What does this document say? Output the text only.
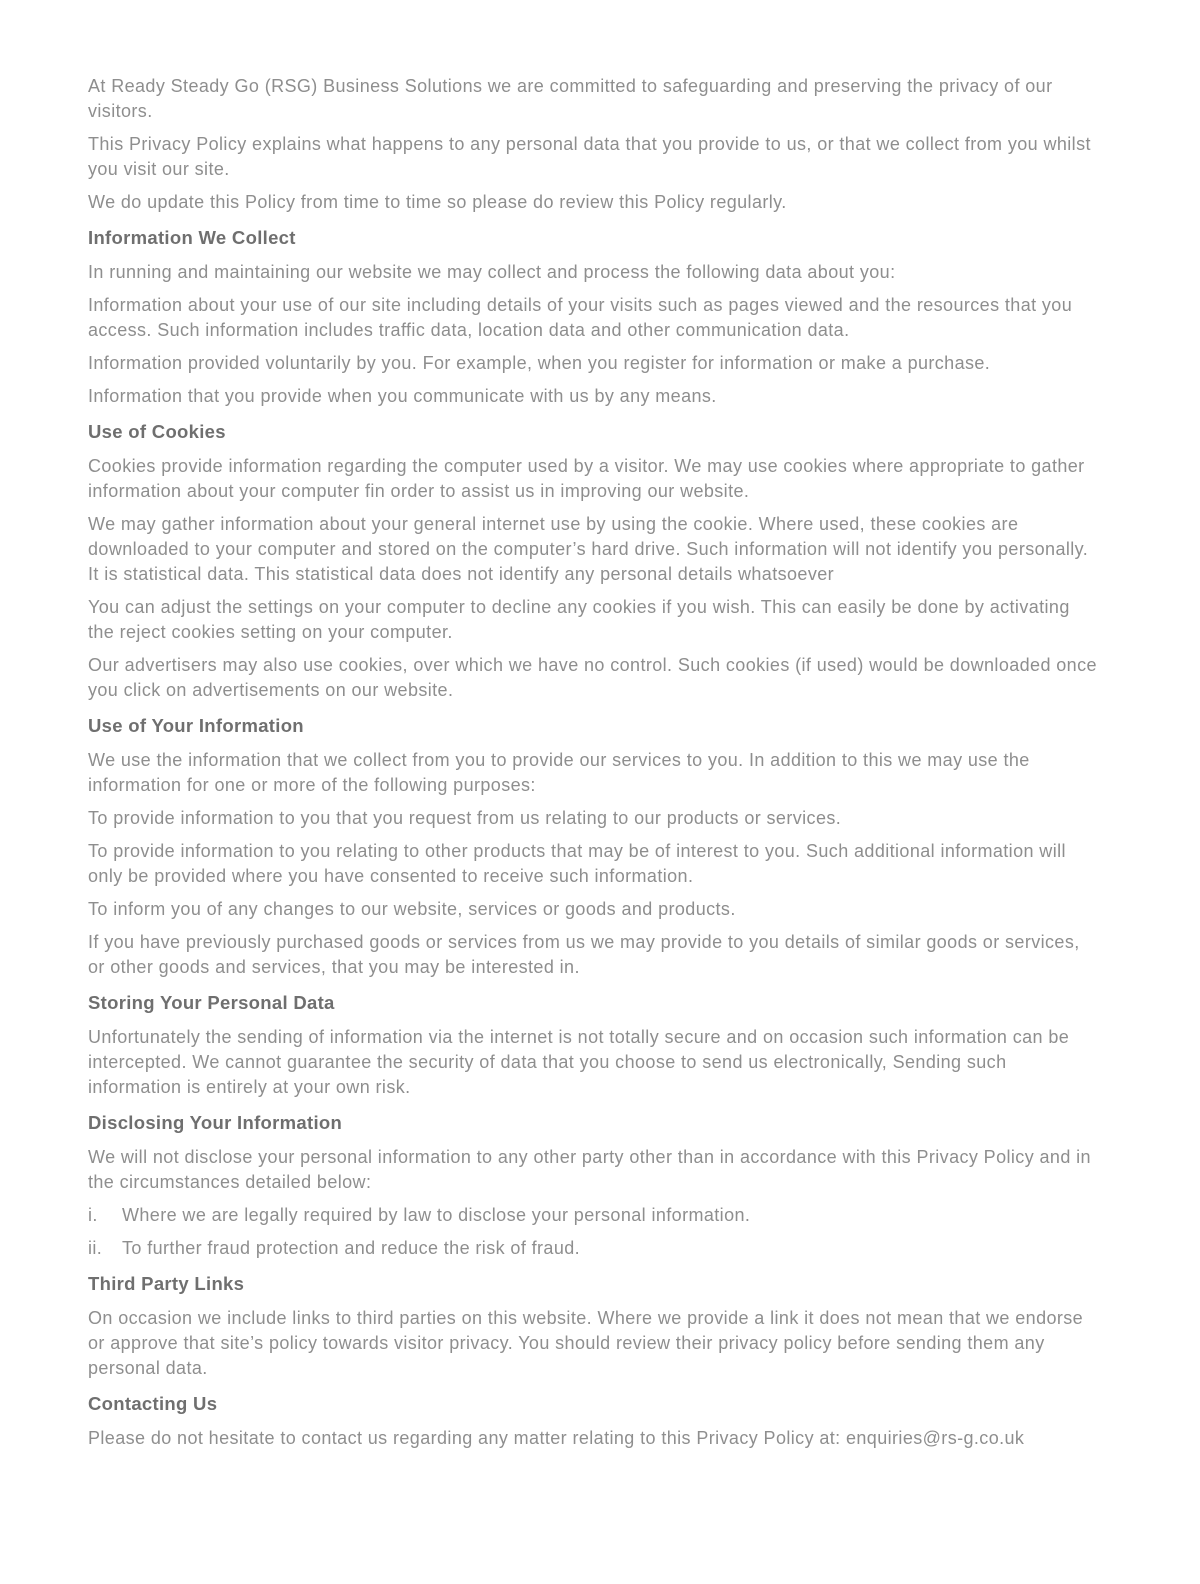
At Ready Steady Go (RSG) Business Solutions we are committed to safeguarding and preserving the privacy of our visitors.

This Privacy Policy explains what happens to any personal data that you provide to us, or that we collect from you whilst you visit our site.

We do update this Policy from time to time so please do review this Policy regularly.

Information We Collect

In running and maintaining our website we may collect and process the following data about you:

Information about your use of our site including details of your visits such as pages viewed and the resources that you access. Such information includes traffic data, location data and other communication data.

Information provided voluntarily by you. For example, when you register for information or make a purchase.

Information that you provide when you communicate with us by any means.

Use of Cookies

Cookies provide information regarding the computer used by a visitor. We may use cookies where appropriate to gather information about your computer fin order to assist us in improving our website.

We may gather information about your general internet use by using the cookie. Where used, these cookies are downloaded to your computer and stored on the computer’s hard drive. Such information will not identify you personally. It is statistical data. This statistical data does not identify any personal details whatsoever

You can adjust the settings on your computer to decline any cookies if you wish. This can easily be done by activating the reject cookies setting on your computer.

Our advertisers may also use cookies, over which we have no control. Such cookies (if used) would be downloaded once you click on advertisements on our website.

Use of Your Information

We use the information that we collect from you to provide our services to you. In addition to this we may use the information for one or more of the following purposes:

To provide information to you that you request from us relating to our products or services.

To provide information to you relating to other products that may be of interest to you. Such additional information will only be provided where you have consented to receive such information.

To inform you of any changes to our website, services or goods and products.

If you have previously purchased goods or services from us we may provide to you details of similar goods or services, or other goods and services, that you may be interested in.

Storing Your Personal Data

Unfortunately the sending of information via the internet is not totally secure and on occasion such information can be intercepted. We cannot guarantee the security of data that you choose to send us electronically, Sending such information is entirely at your own risk.

Disclosing Your Information

We will not disclose your personal information to any other party other than in accordance with this Privacy Policy and in the circumstances detailed below:

i.	Where we are legally required by law to disclose your personal information.
ii.	To further fraud protection and reduce the risk of fraud.
Third Party Links

On occasion we include links to third parties on this website. Where we provide a link it does not mean that we endorse or approve that site’s policy towards visitor privacy. You should review their privacy policy before sending them any personal data.

Contacting Us

Please do not hesitate to contact us regarding any matter relating to this Privacy Policy at: enquiries@rs-g.co.uk
